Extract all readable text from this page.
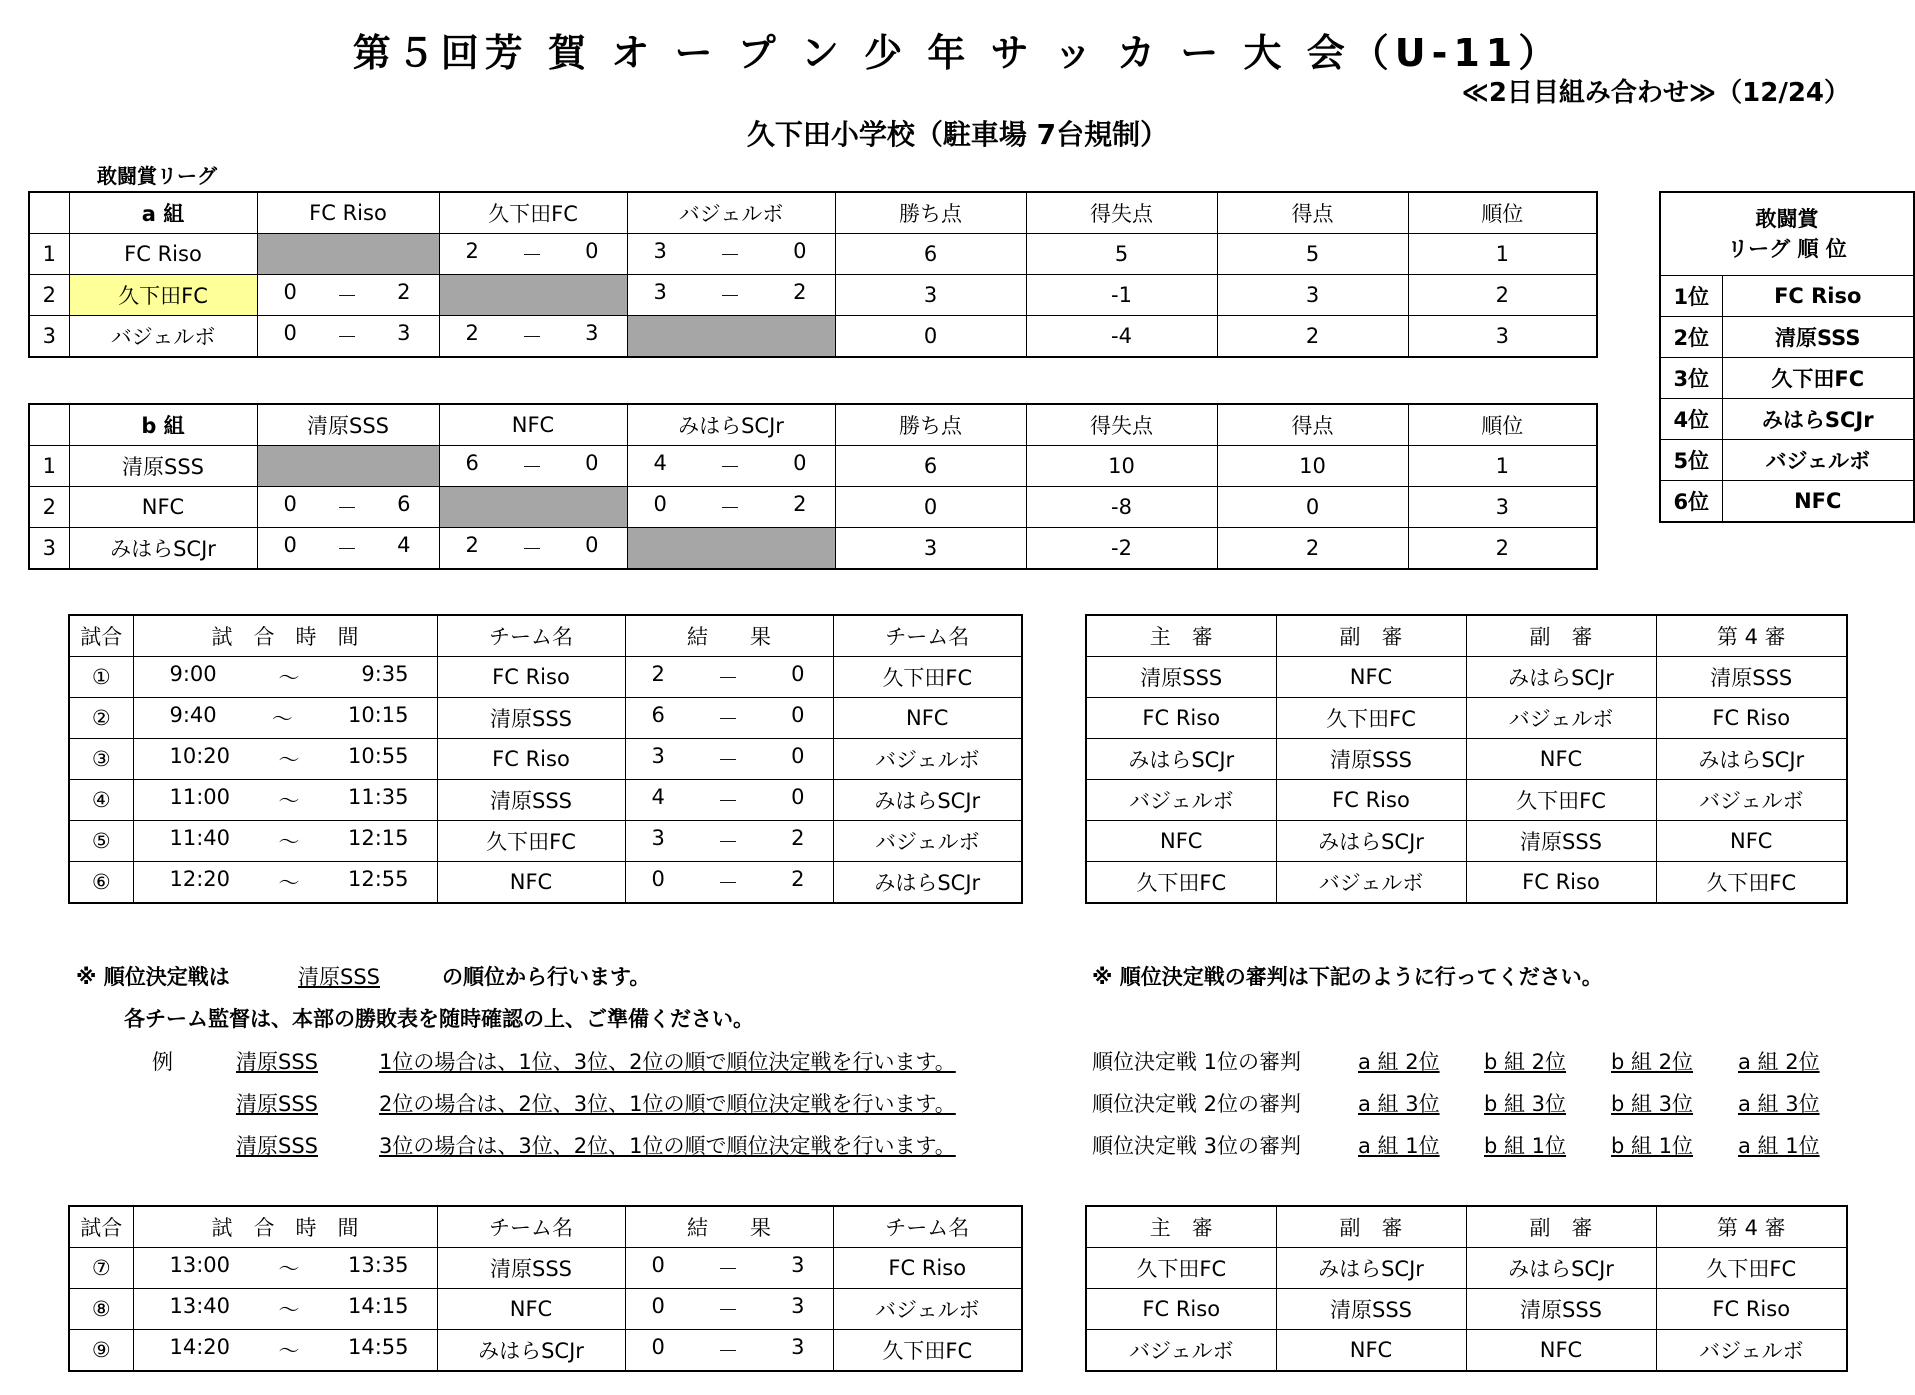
第５回芳 賀 オ ー プ ン 少 年 サ ッ カ ー 大 会（U-11）
≪2日目組み合わせ≫（12/24）
久下田小学校（駐車場 7台規制）
敢闘賞リーグ
	a 組	FC Riso	久下田FC	バジェルボ	勝ち点	得失点	得点	順位
1	FC Riso		2 － 0	3 － 0	6	5	5	1
2	久下田FC	0 － 2		3 － 2	3	-1	3	2
3	バジェルボ	0 － 3	2 － 3		0	-4	2	3
	b 組	清原SSS	NFC	みはらSCJr	勝ち点	得失点	得点	順位
1	清原SSS		6 － 0	4 － 0	6	10	10	1
2	NFC	0 － 6		0 － 2	0	-8	0	3
3	みはらSCJr	0 － 4	2 － 0		3	-2	2	2
敢闘賞
リーグ 順 位	
1位	FC Riso
2位	清原SSS
3位	久下田FC
4位	みはらSCJr
5位	バジェルボ
6位	NFC
試合	試　合　時　間	チーム名	結　　果	チーム名
①	9:00 ～ 9:35	FC Riso	2 － 0	久下田FC
②	9:40 ～ 10:15	清原SSS	6 － 0	NFC
③	10:20 ～ 10:55	FC Riso	3 － 0	バジェルボ
④	11:00 ～ 11:35	清原SSS	4 － 0	みはらSCJr
⑤	11:40 ～ 12:15	久下田FC	3 － 2	バジェルボ
⑥	12:20 ～ 12:55	NFC	0 － 2	みはらSCJr
主　審	副　審	副　審	第 4 審
清原SSS	NFC	みはらSCJr	清原SSS
FC Riso	久下田FC	バジェルボ	FC Riso
みはらSCJr	清原SSS	NFC	みはらSCJr
バジェルボ	FC Riso	久下田FC	バジェルボ
NFC	みはらSCJr	清原SSS	NFC
久下田FC	バジェルボ	FC Riso	久下田FC
※ 順位決定戦は	清原SSS	の順位から行います。
各チーム監督は、本部の勝敗表を随時確認の上、ご準備ください。
例	清原SSS	1位の場合は、1位、3位、2位の順で順位決定戦を行います。
清原SSS	2位の場合は、2位、3位、1位の順で順位決定戦を行います。
清原SSS	3位の場合は、3位、2位、1位の順で順位決定戦を行います。
※ 順位決定戦の審判は下記のように行ってください。
順位決定戦 1位の審判	a 組 2位 b 組 2位 b 組 2位 a 組 2位
順位決定戦 2位の審判	a 組 3位 b 組 3位 b 組 3位 a 組 3位
順位決定戦 3位の審判	a 組 1位 b 組 1位 b 組 1位 a 組 1位
試合	試　合　時　間	チーム名	結　　果	チーム名
⑦	13:00 ～ 13:35	清原SSS	0 － 3	FC Riso
⑧	13:40 ～ 14:15	NFC	0 － 3	バジェルボ
⑨	14:20 ～ 14:55	みはらSCJr	0 － 3	久下田FC
主　審	副　審	副　審	第 4 審
久下田FC	みはらSCJr	みはらSCJr	久下田FC
FC Riso	清原SSS	清原SSS	FC Riso
バジェルボ	NFC	NFC	バジェルボ
